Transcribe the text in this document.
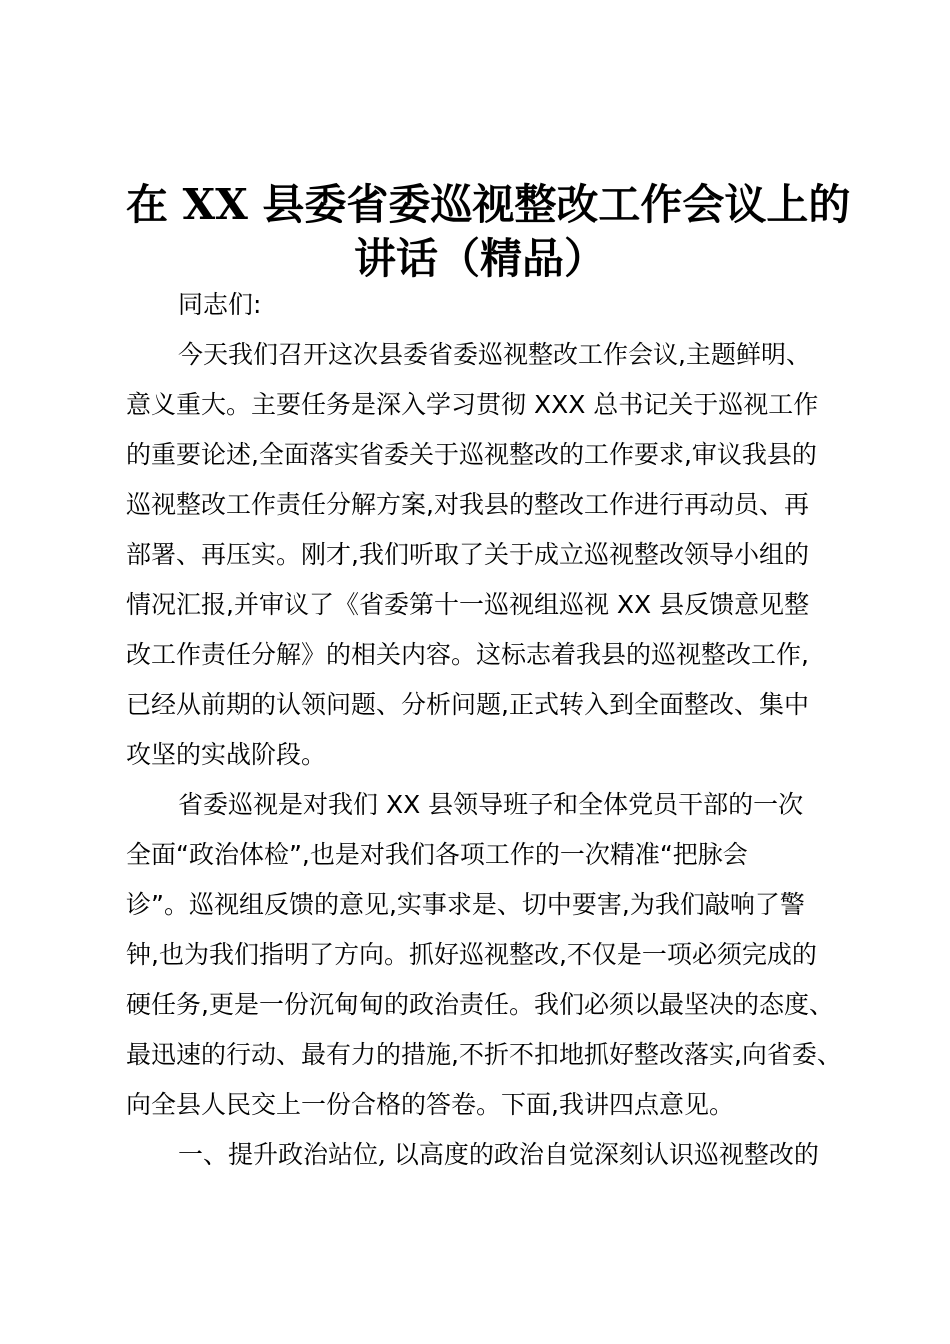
在 XX 县委省委巡视整改工作会议上的
讲话（精品）
同志们:
今天我们召开这次县委省委巡视整改工作会议,主题鲜明、
意义重大。主要任务是深入学习贯彻 XXX 总书记关于巡视工作
的重要论述,全面落实省委关于巡视整改的工作要求,审议我县的
巡视整改工作责任分解方案,对我县的整改工作进行再动员、再
部署、再压实。刚才,我们听取了关于成立巡视整改领导小组的
情况汇报,并审议了《省委第十一巡视组巡视 XX 县反馈意见整
改工作责任分解》的相关内容。这标志着我县的巡视整改工作,
已经从前期的认领问题、分析问题,正式转入到全面整改、集中
攻坚的实战阶段。
省委巡视是对我们 XX 县领导班子和全体党员干部的一次
全面“政治体检”,也是对我们各项工作的一次精准“把脉会
诊”。巡视组反馈的意见,实事求是、切中要害,为我们敲响了警
钟,也为我们指明了方向。抓好巡视整改,不仅是一项必须完成的
硬任务,更是一份沉甸甸的政治责任。我们必须以最坚决的态度、
最迅速的行动、最有力的措施,不折不扣地抓好整改落实,向省委、
向全县人民交上一份合格的答卷。下面,我讲四点意见。
一、提升政治站位, 以高度的政治自觉深刻认识巡视整改的
